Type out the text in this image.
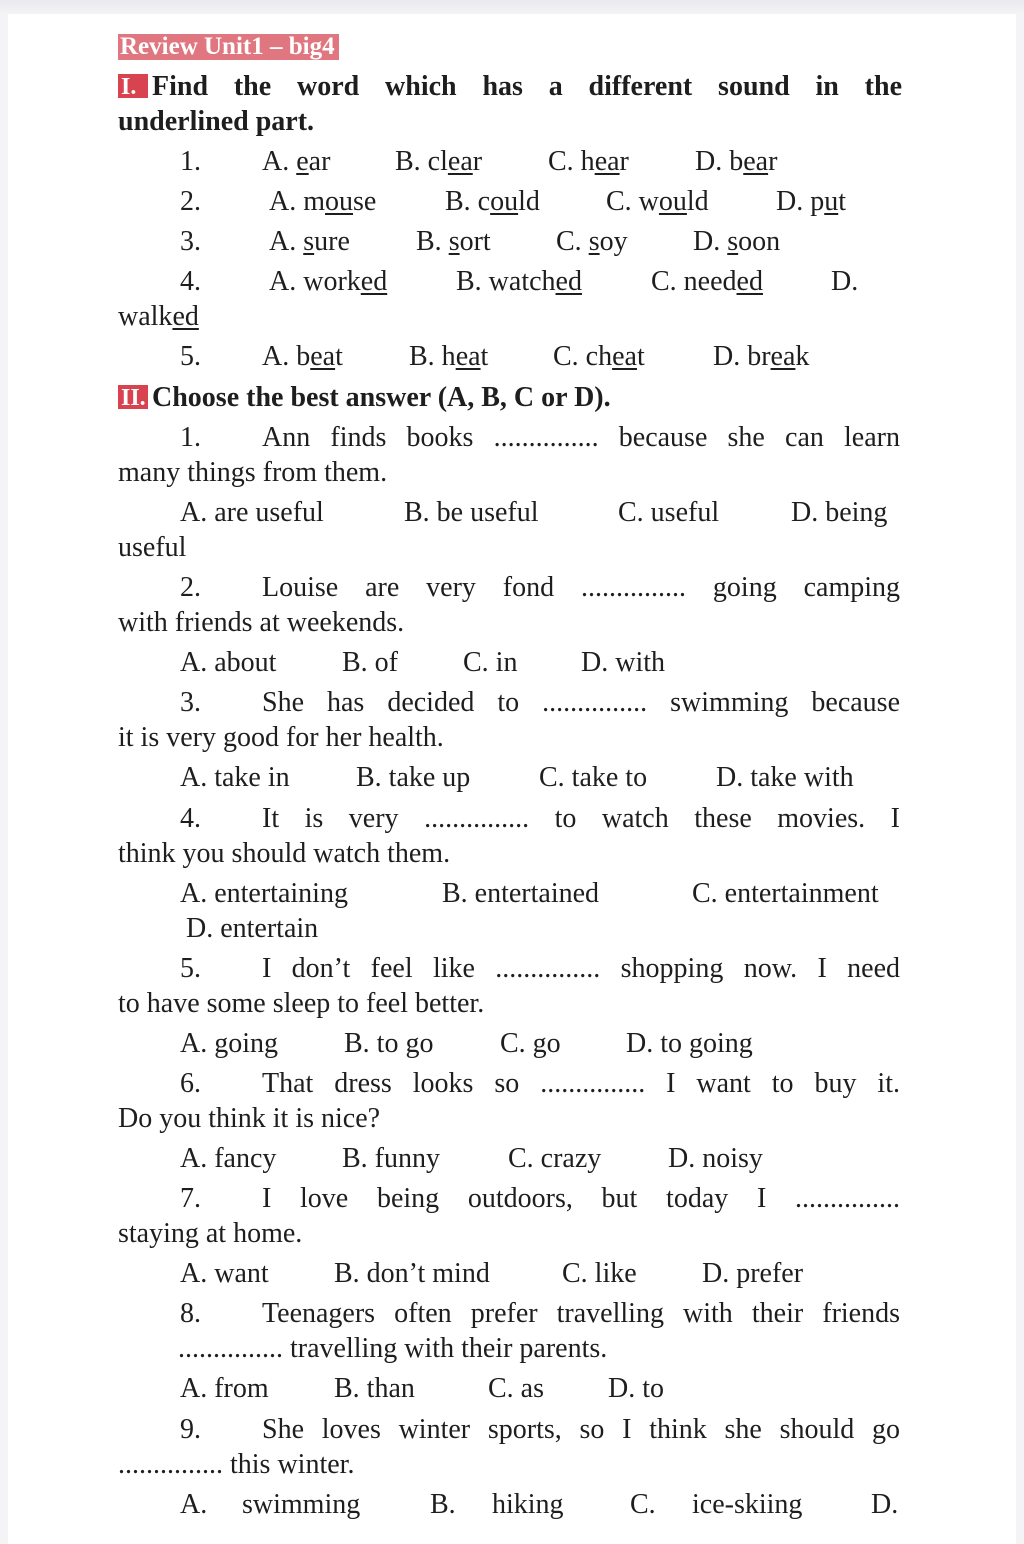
Review Unit1 – big4
I. Find the word which has a different sound in the
underlined part.
1. A. ear B. clear C. hear D. bear
2. A. mouse B. could C. would D. put
3. A. sure B. sort C. soy D. soon
4. A. worked B. watched C. needed D.
walked
5. A. beat B. heat C. cheat D. break
II. Choose the best answer (A, B, C or D).
1. Ann finds books ............... because she can learn
many things from them.
A. are useful	B. be useful	C. useful	D. being
useful
2. Louise are very fond ............... going camping
with friends at weekends.
A. about B. of C. in D. with
3. She has decided to ............... swimming because
it is very good for her health.
A. take in B. take up C. take to D. take with
4. It is very ............... to watch these movies. I
think you should watch them.
A. entertaining	B. entertained	C. entertainment
D. entertain
5. I don’t feel like ............... shopping now. I need
to have some sleep to feel better.
A. going B. to go C. go D. to going
6. That dress looks so ............... I want to buy it.
Do you think it is nice?
A. fancy B. funny C. crazy D. noisy
7. I love being outdoors, but today I ...............
staying at home.
A. want B. don’t mind	C. like D. prefer
8. Teenagers often prefer travelling with their friends
............... travelling with their parents.
A. from B. than	C. as D. to
9. She loves winter sports, so I think she should go
............... this winter.
A. swimming B. hiking C. ice-skiing D.
